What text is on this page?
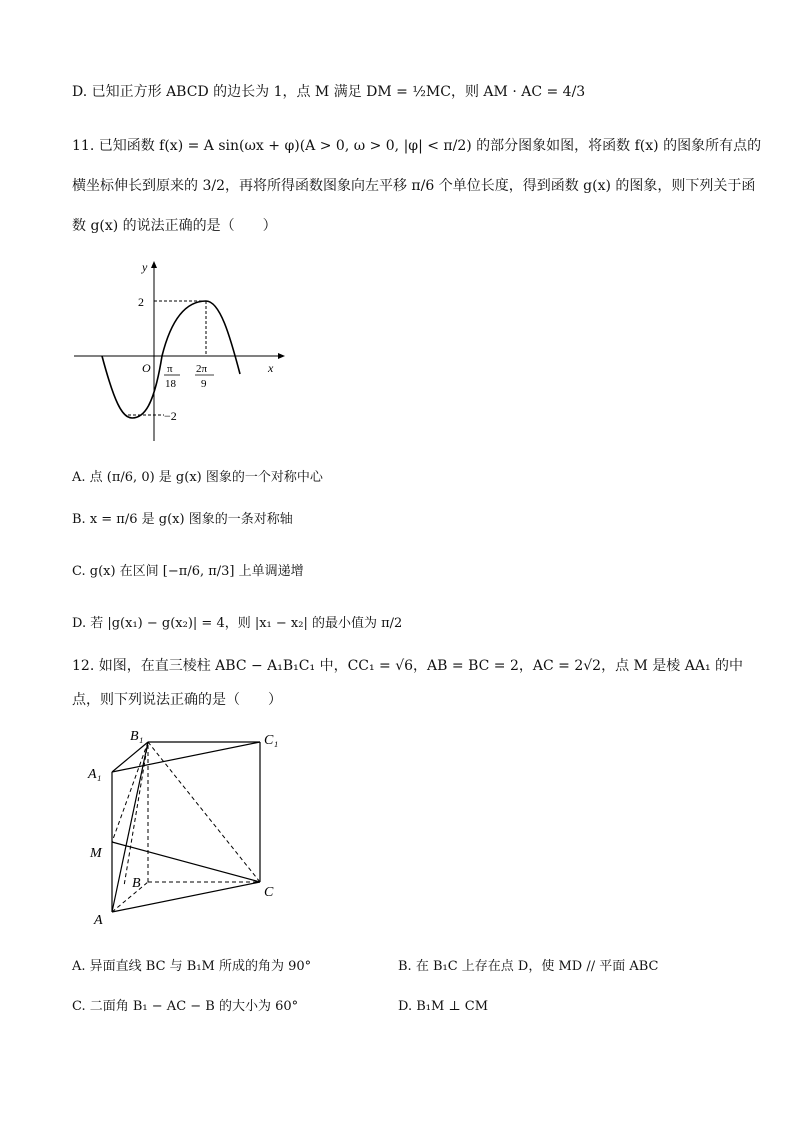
D. 已知正方形 ABCD 的边长为 1，点 M 满足 DM = ½MC，则 AM · AC = 4/3
11. 已知函数 f(x) = A sin(ωx + φ)(A > 0, ω > 0, |φ| < π/2) 的部分图象如图，将函数 f(x) 的图象所有点的
横坐标伸长到原来的 3/2，再将所得函数图象向左平移 π/6 个单位长度，得到函数 g(x) 的图象，则下列关于函
数 g(x) 的说法正确的是（　　）
y
x
O
2
−2
π
18
2π
9
A. 点 (π/6, 0) 是 g(x) 图象的一个对称中心
B. x = π/6 是 g(x) 图象的一条对称轴
C. g(x) 在区间 [−π/6, π/3] 上单调递增
D. 若 |g(x₁) − g(x₂)| = 4，则 |x₁ − x₂| 的最小值为 π/2
12. 如图，在直三棱柱 ABC − A₁B₁C₁ 中，CC₁ = √6，AB = BC = 2，AC = 2√2，点 M 是棱 AA₁ 的中
点，则下列说法正确的是（　　）
B₁	C₁
A₁
M
B
C
A
A. 异面直线 BC 与 B₁M 所成的角为 90°	B. 在 B₁C 上存在点 D，使 MD // 平面 ABC
C. 二面角 B₁ − AC − B 的大小为 60°	D. B₁M ⊥ CM
